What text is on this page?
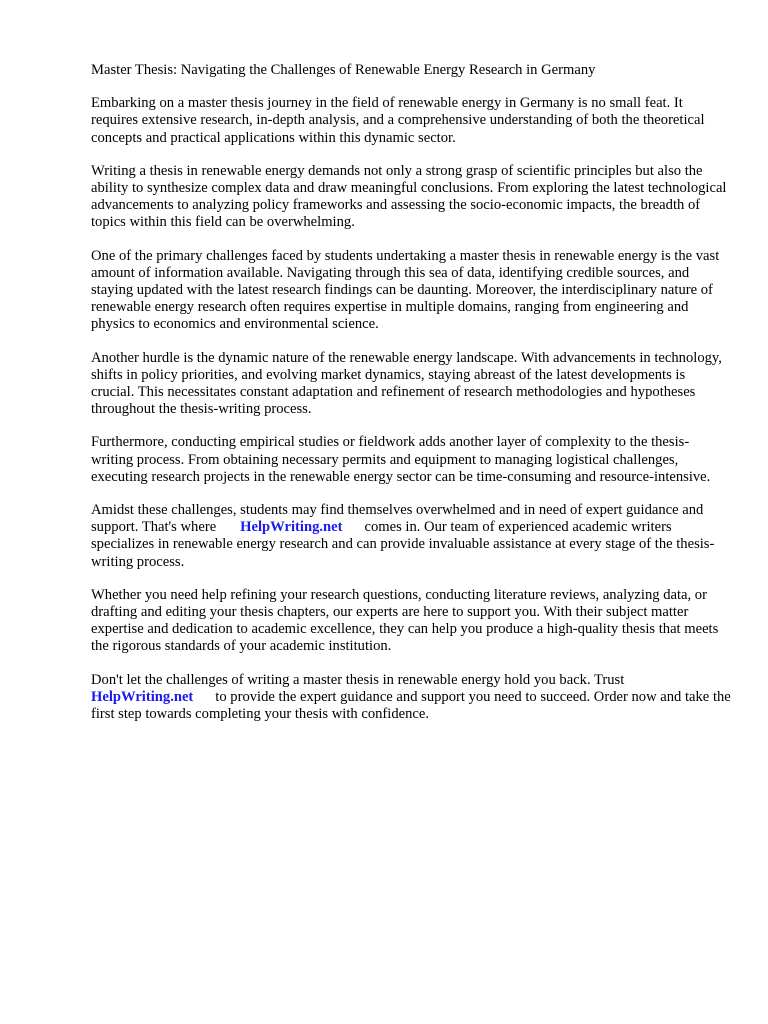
Master Thesis: Navigating the Challenges of Renewable Energy Research in Germany
Embarking on a master thesis journey in the field of renewable energy in Germany is no small feat. It requires extensive research, in-depth analysis, and a comprehensive understanding of both the theoretical concepts and practical applications within this dynamic sector.
Writing a thesis in renewable energy demands not only a strong grasp of scientific principles but also the ability to synthesize complex data and draw meaningful conclusions. From exploring the latest technological advancements to analyzing policy frameworks and assessing the socio-economic impacts, the breadth of topics within this field can be overwhelming.
One of the primary challenges faced by students undertaking a master thesis in renewable energy is the vast amount of information available. Navigating through this sea of data, identifying credible sources, and staying updated with the latest research findings can be daunting. Moreover, the interdisciplinary nature of renewable energy research often requires expertise in multiple domains, ranging from engineering and physics to economics and environmental science.
Another hurdle is the dynamic nature of the renewable energy landscape. With advancements in technology, shifts in policy priorities, and evolving market dynamics, staying abreast of the latest developments is crucial. This necessitates constant adaptation and refinement of research methodologies and hypotheses throughout the thesis-writing process.
Furthermore, conducting empirical studies or fieldwork adds another layer of complexity to the thesis-writing process. From obtaining necessary permits and equipment to managing logistical challenges, executing research projects in the renewable energy sector can be time-consuming and resource-intensive.
Amidst these challenges, students may find themselves overwhelmed and in need of expert guidance and support. That's where HelpWriting.net comes in. Our team of experienced academic writers specializes in renewable energy research and can provide invaluable assistance at every stage of the thesis-writing process.
Whether you need help refining your research questions, conducting literature reviews, analyzing data, or drafting and editing your thesis chapters, our experts are here to support you. With their subject matter expertise and dedication to academic excellence, they can help you produce a high-quality thesis that meets the rigorous standards of your academic institution.
Don't let the challenges of writing a master thesis in renewable energy hold you back. Trust
HelpWriting.net to provide the expert guidance and support you need to succeed. Order now and take the first step towards completing your thesis with confidence.
